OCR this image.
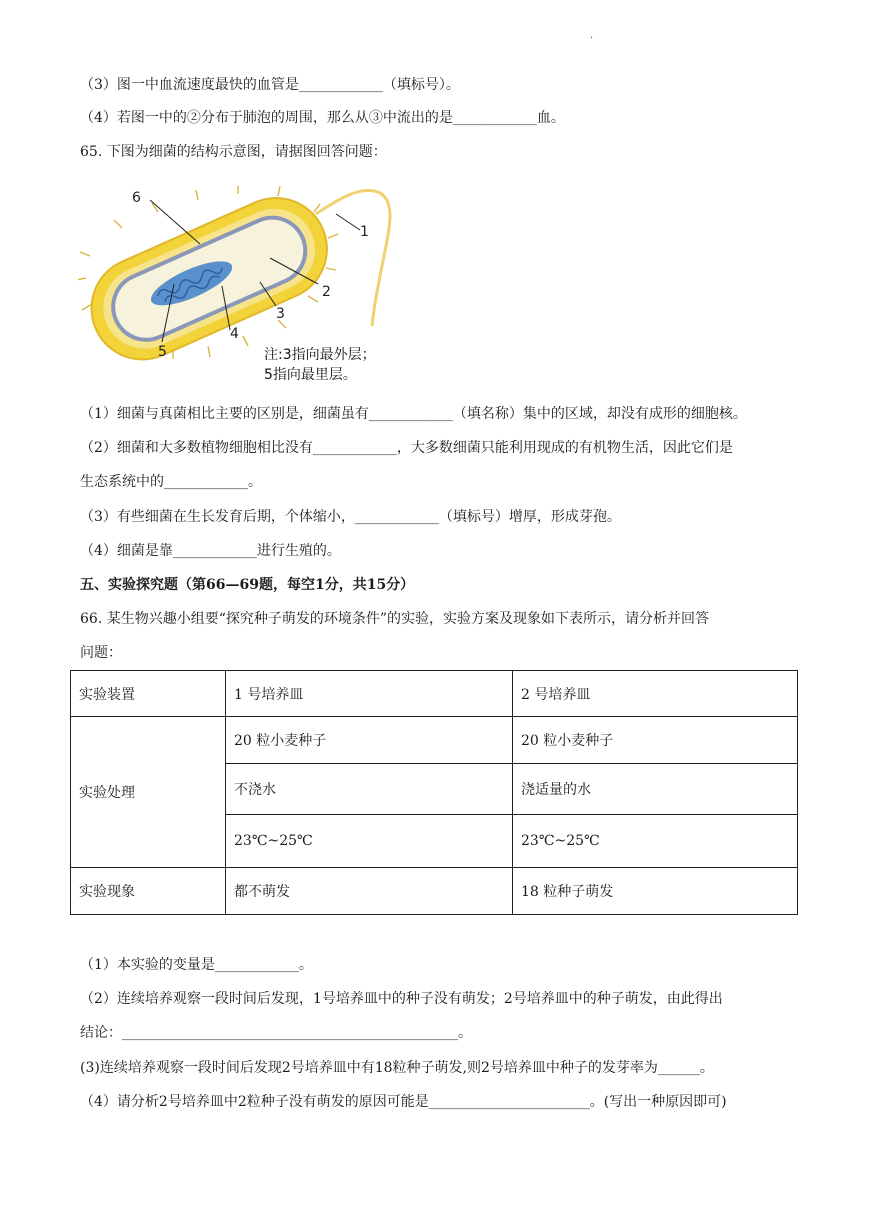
.
（3）图一中血流速度最快的血管是____________（填标号）。
（4）若图一中的②分布于肺泡的周围，那么从③中流出的是____________血。
65. 下图为细菌的结构示意图，请据图回答问题：
6
1
2
3
4
5	注:3指向最外层；
5指向最里层。
（1）细菌与真菌相比主要的区别是，细菌虽有____________（填名称）集中的区域，却没有成形的细胞核。
（2）细菌和大多数植物细胞相比没有____________，大多数细菌只能利用现成的有机物生活，因此它们是
生态系统中的____________。
（3）有些细菌在生长发育后期，个体缩小，____________（填标号）增厚，形成芽孢。
（4）细菌是靠____________进行生殖的。
五、实验探究题（第66—69题，每空1分，共15分）
66. 某生物兴趣小组要“探究种子萌发的环境条件”的实验，实验方案及现象如下表所示，请分析并回答
问题：
实验装置	1 号培养皿	2 号培养皿
实验处理	20 粒小麦种子	20 粒小麦种子
	不浇水	浇适量的水
	23℃~25℃	23℃~25℃
实验现象	都不萌发	18 粒种子萌发
（1）本实验的变量是____________。
（2）连续培养观察一段时间后发现，1号培养皿中的种子没有萌发；2号培养皿中的种子萌发，由此得出
结论：________________________________________________。
(3)连续培养观察一段时间后发现2号培养皿中有18粒种子萌发,则2号培养皿中种子的发芽率为______。
（4）请分析2号培养皿中2粒种子没有萌发的原因可能是_______________________。(写出一种原因即可)
